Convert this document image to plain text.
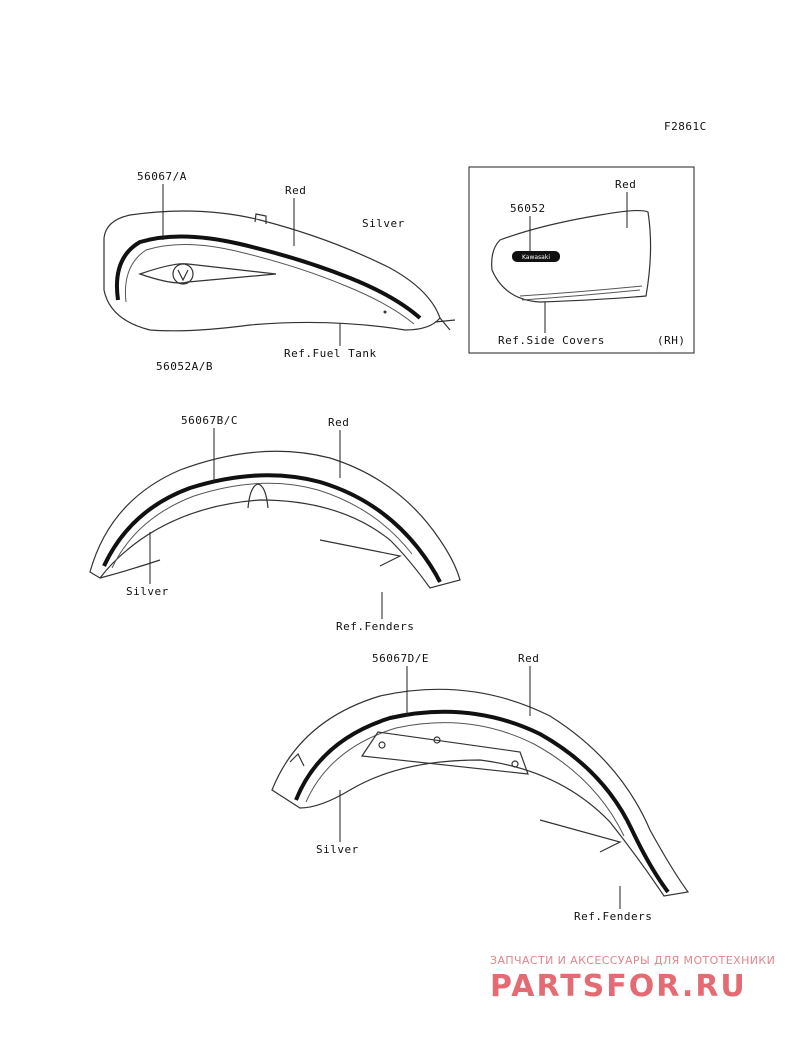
F2861C
56067/A
Red
Silver
Ref.Fuel Tank
56052A/B
Kawasaki
Red
56052
Ref.Side Covers	(RH)
56067B/C	Red
Silver
Ref.Fenders
56067D/E	Red
Silver
Ref.Fenders
ЗАПЧАСТИ И АКСЕССУАРЫ ДЛЯ МОТОТЕХНИКИ
PARTSFOR.RU
